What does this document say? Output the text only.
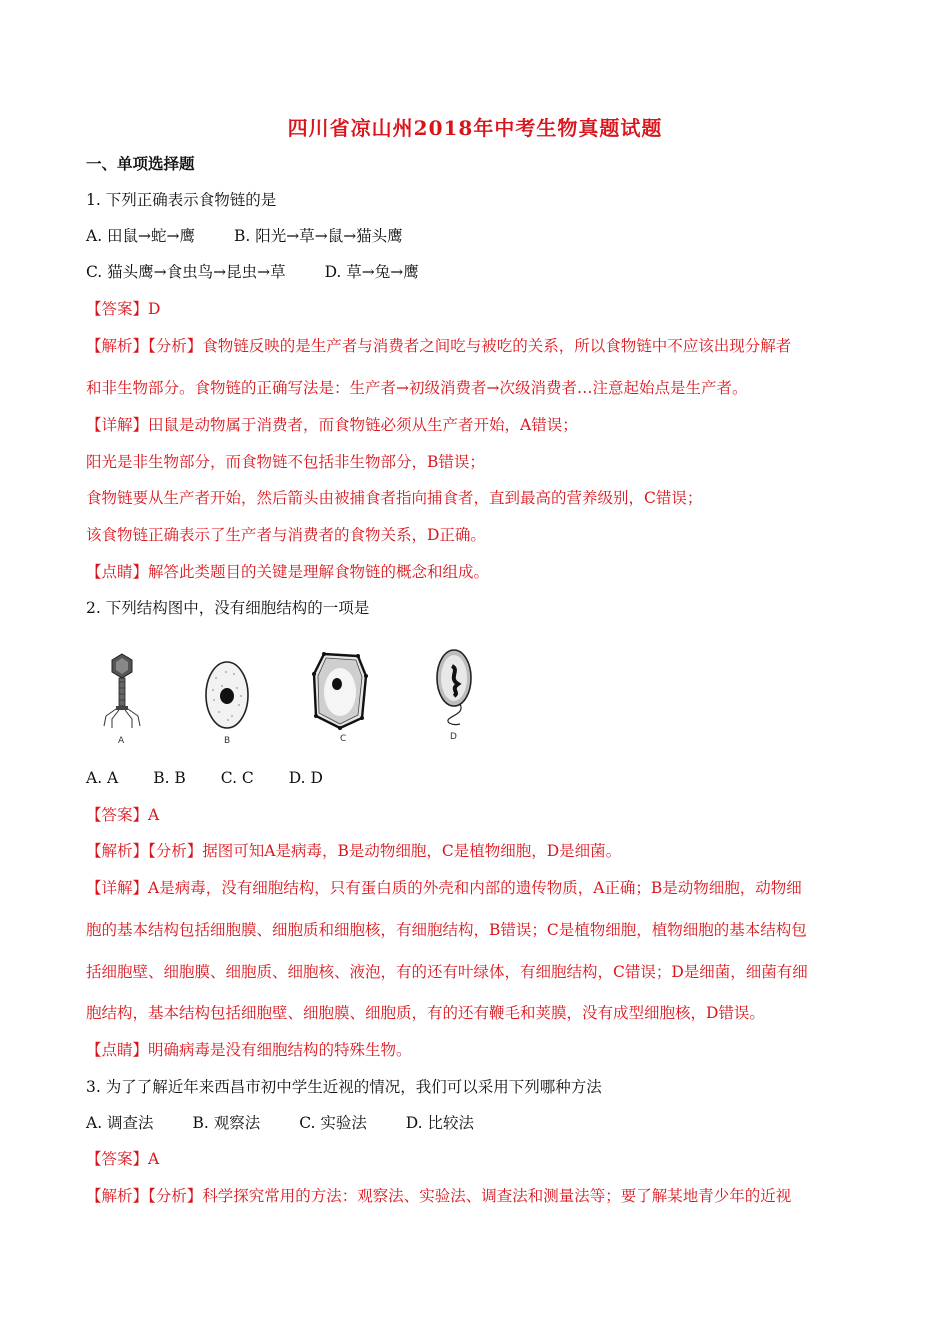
四川省凉山州2018年中考生物真题试题
一、单项选择题
1. 下列正确表示食物链的是
A. 田鼠→蛇→鹰	B. 阳光→草→鼠→猫头鹰
C. 猫头鹰→食虫鸟→昆虫→草	D. 草→兔→鹰
【答案】D
【解析】【分析】食物链反映的是生产者与消费者之间吃与被吃的关系，所以食物链中不应该出现分解者
和非生物部分。食物链的正确写法是：生产者→初级消费者→次级消费者…注意起始点是生产者。
【详解】田鼠是动物属于消费者，而食物链必须从生产者开始，A错误；
阳光是非生物部分，而食物链不包括非生物部分，B错误；
食物链要从生产者开始，然后箭头由被捕食者指向捕食者，直到最高的营养级别，C错误；
该食物链正确表示了生产者与消费者的食物关系，D正确。
【点睛】解答此类题目的关键是理解食物链的概念和组成。
2. 下列结构图中，没有细胞结构的一项是
A	B	C	D
A. A B. B C. C D. D
【答案】A
【解析】【分析】据图可知A是病毒，B是动物细胞，C是植物细胞，D是细菌。
【详解】A是病毒，没有细胞结构，只有蛋白质的外壳和内部的遗传物质，A正确；B是动物细胞，动物细
胞的基本结构包括细胞膜、细胞质和细胞核，有细胞结构，B错误；C是植物细胞，植物细胞的基本结构包
括细胞壁、细胞膜、细胞质、细胞核、液泡，有的还有叶绿体，有细胞结构，C错误；D是细菌，细菌有细
胞结构，基本结构包括细胞壁、细胞膜、细胞质，有的还有鞭毛和荚膜，没有成型细胞核，D错误。
【点睛】明确病毒是没有细胞结构的特殊生物。
3. 为了了解近年来西昌市初中学生近视的情况，我们可以采用下列哪种方法
A. 调查法	B. 观察法	C. 实验法	D. 比较法
【答案】A
【解析】【分析】科学探究常用的方法：观察法、实验法、调查法和测量法等；要了解某地青少年的近视
